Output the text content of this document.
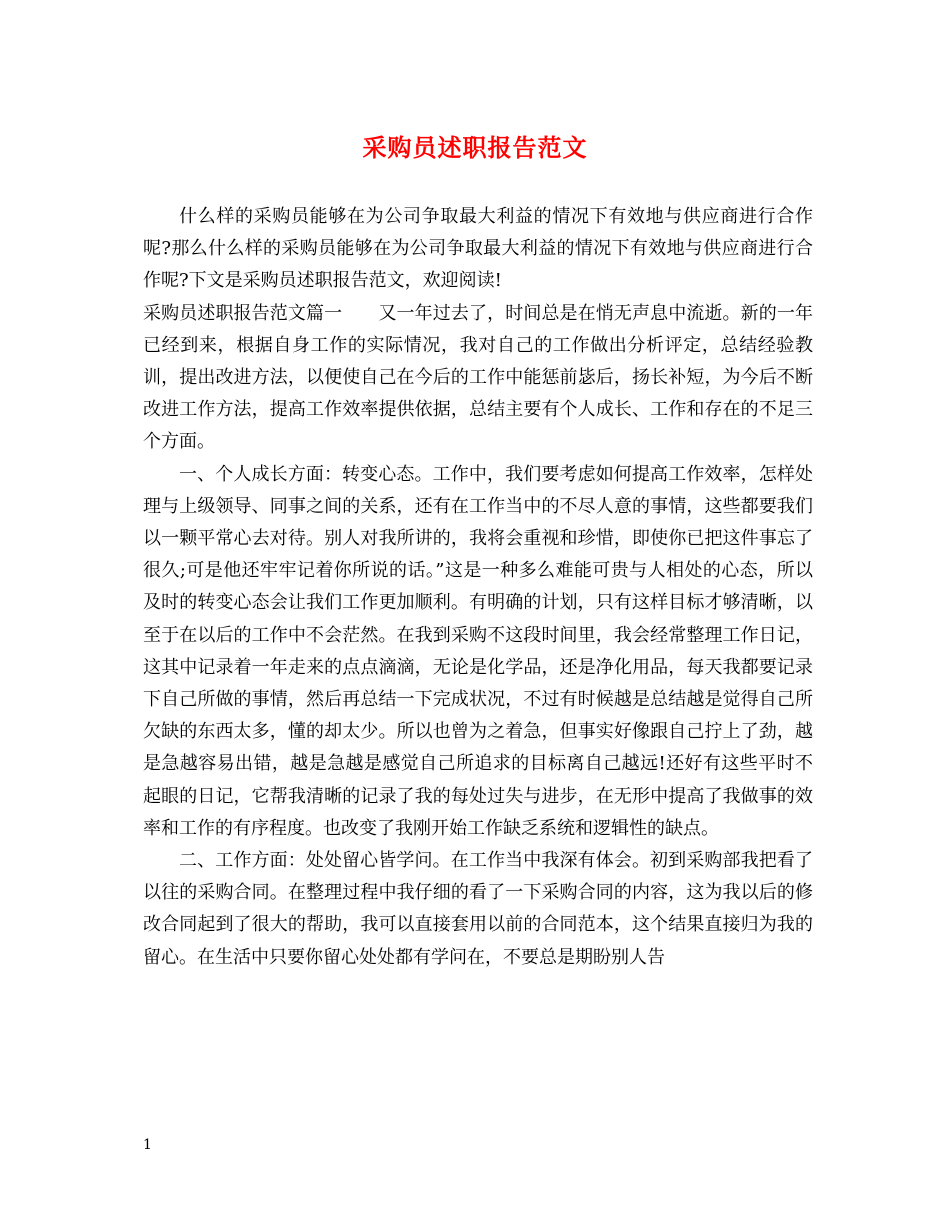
采购员述职报告范文

什么样的采购员能够在为公司争取最大利益的情况下有效地与供应商进行合作呢?那么什么样的采购员能够在为公司争取最大利益的情况下有效地与供应商进行合作呢?下文是采购员述职报告范文，欢迎阅读!

采购员述职报告范文篇一　　又一年过去了，时间总是在悄无声息中流逝。新的一年已经到来，根据自身工作的实际情况，我对自己的工作做出分析评定，总结经验教训，提出改进方法，以便使自己在今后的工作中能惩前毖后，扬长补短，为今后不断改进工作方法，提高工作效率提供依据，总结主要有个人成长、工作和存在的不足三个方面。

一、个人成长方面：转变心态。工作中，我们要考虑如何提高工作效率，怎样处理与上级领导、同事之间的关系，还有在工作当中的不尽人意的事情，这些都要我们以一颗平常心去对待。别人对我所讲的，我将会重视和珍惜，即使你已把这件事忘了很久;可是他还牢牢记着你所说的话。”这是一种多么难能可贵与人相处的心态，所以及时的转变心态会让我们工作更加顺利。有明确的计划，只有这样目标才够清晰，以至于在以后的工作中不会茫然。在我到采购不这段时间里，我会经常整理工作日记，这其中记录着一年走来的点点滴滴，无论是化学品，还是净化用品，每天我都要记录下自己所做的事情，然后再总结一下完成状况，不过有时候越是总结越是觉得自己所欠缺的东西太多，懂的却太少。所以也曾为之着急，但事实好像跟自己拧上了劲，越是急越容易出错，越是急越是感觉自己所追求的目标离自己越远!还好有这些平时不起眼的日记，它帮我清晰的记录了我的每处过失与进步，在无形中提高了我做事的效率和工作的有序程度。也改变了我刚开始工作缺乏系统和逻辑性的缺点。

二、工作方面：处处留心皆学问。在工作当中我深有体会。初到采购部我把看了以往的采购合同。在整理过程中我仔细的看了一下采购合同的内容，这为我以后的修改合同起到了很大的帮助，我可以直接套用以前的合同范本，这个结果直接归为我的留心。在生活中只要你留心处处都有学问在，不要总是期盼别人告

1
